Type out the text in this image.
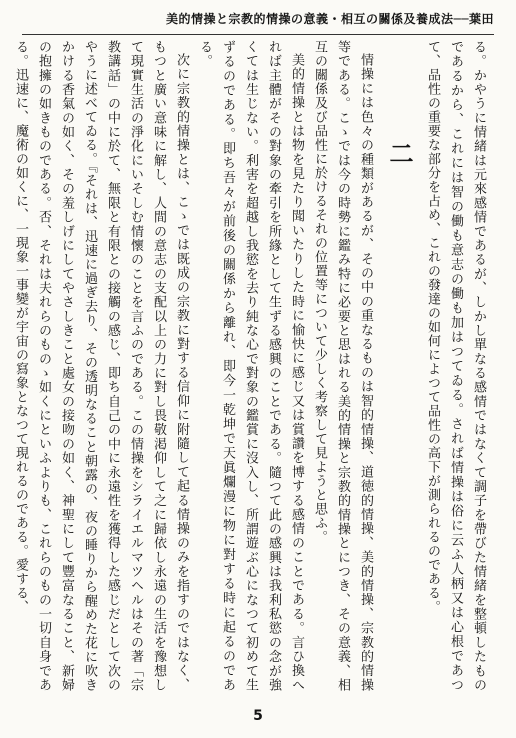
美的情操と宗教的情操の意義・相互の關係及養成法──葉田

る。かやうに情緒は元來感情であるが、しかし單なる感情ではなくて調子を帶びた情緒を整頓したものであるから、これには智の働も意志の働も加はつてゐる。されば情操は俗に云ふ人柄又は心根であつて、品性の重要な部分を占め、これの發達の如何によつて品性の高下が測られるのである。

二

情操には色々の種類があるが、その中の重なるものは智的情操、道徳的情操、美的情操、宗教的情操等である。こゝでは今の時勢に鑑み特に必要と思はれる美的情操と宗教的情操とにつき、その意義、相互の關係及び品性に於けるそれの位置等について少しく考察して見ようと思ふ。

美的情操とは物を見たり聞いたりした時に愉快に感じ又は賞讚を博する感情のことである。言ひ換へれば主體がその對象の牽引を所緣として生ずる感興のことである。隨つて此の感興は我利私慾の念が強くては生じない。利害を超越し我慾を去り純な心で對象の鑑賞に沒入し、所謂遊ぶ心になつて初めて生ずるのである。即ち吾々が前後の關係から離れ、即今一乾坤で天眞爛漫に物に對する時に起るのである。

次に宗教的情操とは、こゝでは既成の宗教に對する信仰に附隨して起る情操のみを指すのではなく、もつと廣い意味に解し、人間の意志の支配以上の力に對し畏敬渇仰して之に歸依し永遠の生活を豫想して現實生活の淨化にいそしむ情懷のことを言ふのである。この情操をシライエルマツヘルはその著「宗教講話」の中に於て、無限と有限との接觸の感じ、即ち自己の中に永遠性を獲得した感じだとして次のやうに述べてゐる。『それは、迅速に過ぎ去り、その透明なること朝露の、夜の睡りから醒めた花に吹きかける香氣の如く、その羞しげにしてやさしきこと處女の接吻の如く、神聖にして豐富なること、新婦の抱擁の如きものである。否、それは夫れらのものゝ如くにといふよりも、これらのもの一切自身である。迅速に、魔術の如くに、一現象一事變が宇宙の寫象となつて現れるのである。愛する、

5
